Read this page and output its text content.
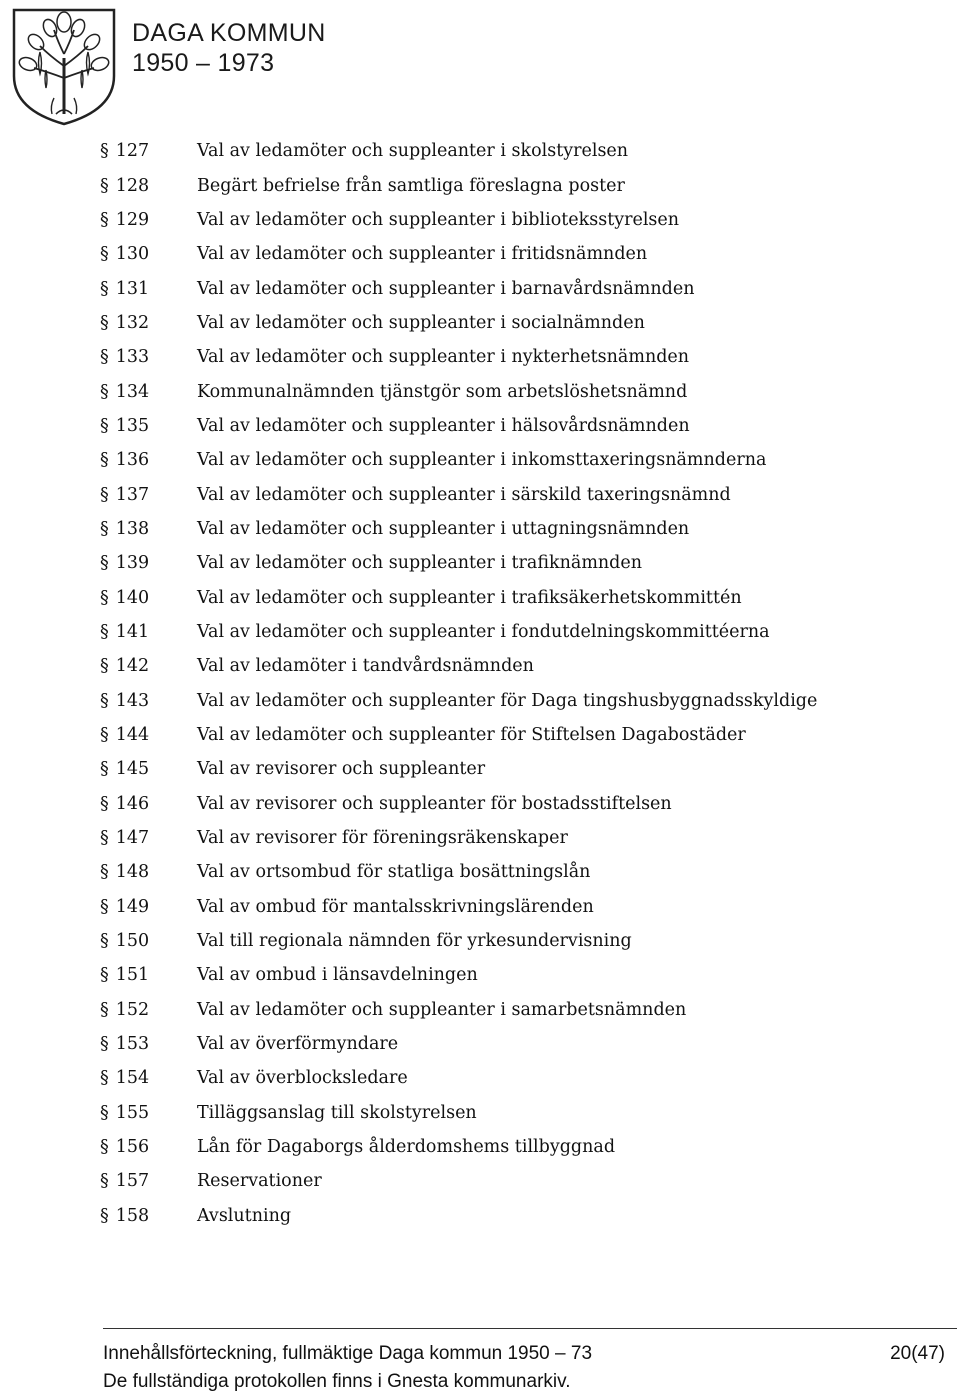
DAGA KOMMUN
1950 – 1973
§ 127	Val av ledamöter och suppleanter i skolstyrelsen
§ 128	Begärt befrielse från samtliga föreslagna poster
§ 129	Val av ledamöter och suppleanter i biblioteksstyrelsen
§ 130	Val av ledamöter och suppleanter i fritidsnämnden
§ 131	Val av ledamöter och suppleanter i barnavårdsnämnden
§ 132	Val av ledamöter och suppleanter i socialnämnden
§ 133	Val av ledamöter och suppleanter i nykterhetsnämnden
§ 134	Kommunalnämnden tjänstgör som arbetslöshetsnämnd
§ 135	Val av ledamöter och suppleanter i hälsovårdsnämnden
§ 136	Val av ledamöter och suppleanter i inkomsttaxeringsnämnderna
§ 137	Val av ledamöter och suppleanter i särskild taxeringsnämnd
§ 138	Val av ledamöter och suppleanter i uttagningsnämnden
§ 139	Val av ledamöter och suppleanter i trafiknämnden
§ 140	Val av ledamöter och suppleanter i trafiksäkerhetskommittén
§ 141	Val av ledamöter och suppleanter i fondutdelningskommittéerna
§ 142	Val av ledamöter i tandvårdsnämnden
§ 143	Val av ledamöter och suppleanter för Daga tingshusbyggnadsskyldige
§ 144	Val av ledamöter och suppleanter för Stiftelsen Dagabostäder
§ 145	Val av revisorer och suppleanter
§ 146	Val av revisorer och suppleanter för bostadsstiftelsen
§ 147	Val av revisorer för föreningsräkenskaper
§ 148	Val av ortsombud för statliga bosättningslån
§ 149	Val av ombud för mantalsskrivningslärenden
§ 150	Val till regionala nämnden för yrkesundervisning
§ 151	Val av ombud i länsavdelningen
§ 152	Val av ledamöter och suppleanter i samarbetsnämnden
§ 153	Val av överförmyndare
§ 154	Val av överblocksledare
§ 155	Tilläggsanslag till skolstyrelsen
§ 156	Lån för Dagaborgs ålderdomshems tillbyggnad
§ 157	Reservationer
§ 158	Avslutning
Innehållsförteckning, fullmäktige Daga kommun 1950 – 73	20(47)
De fullständiga protokollen finns i Gnesta kommunarkiv.
